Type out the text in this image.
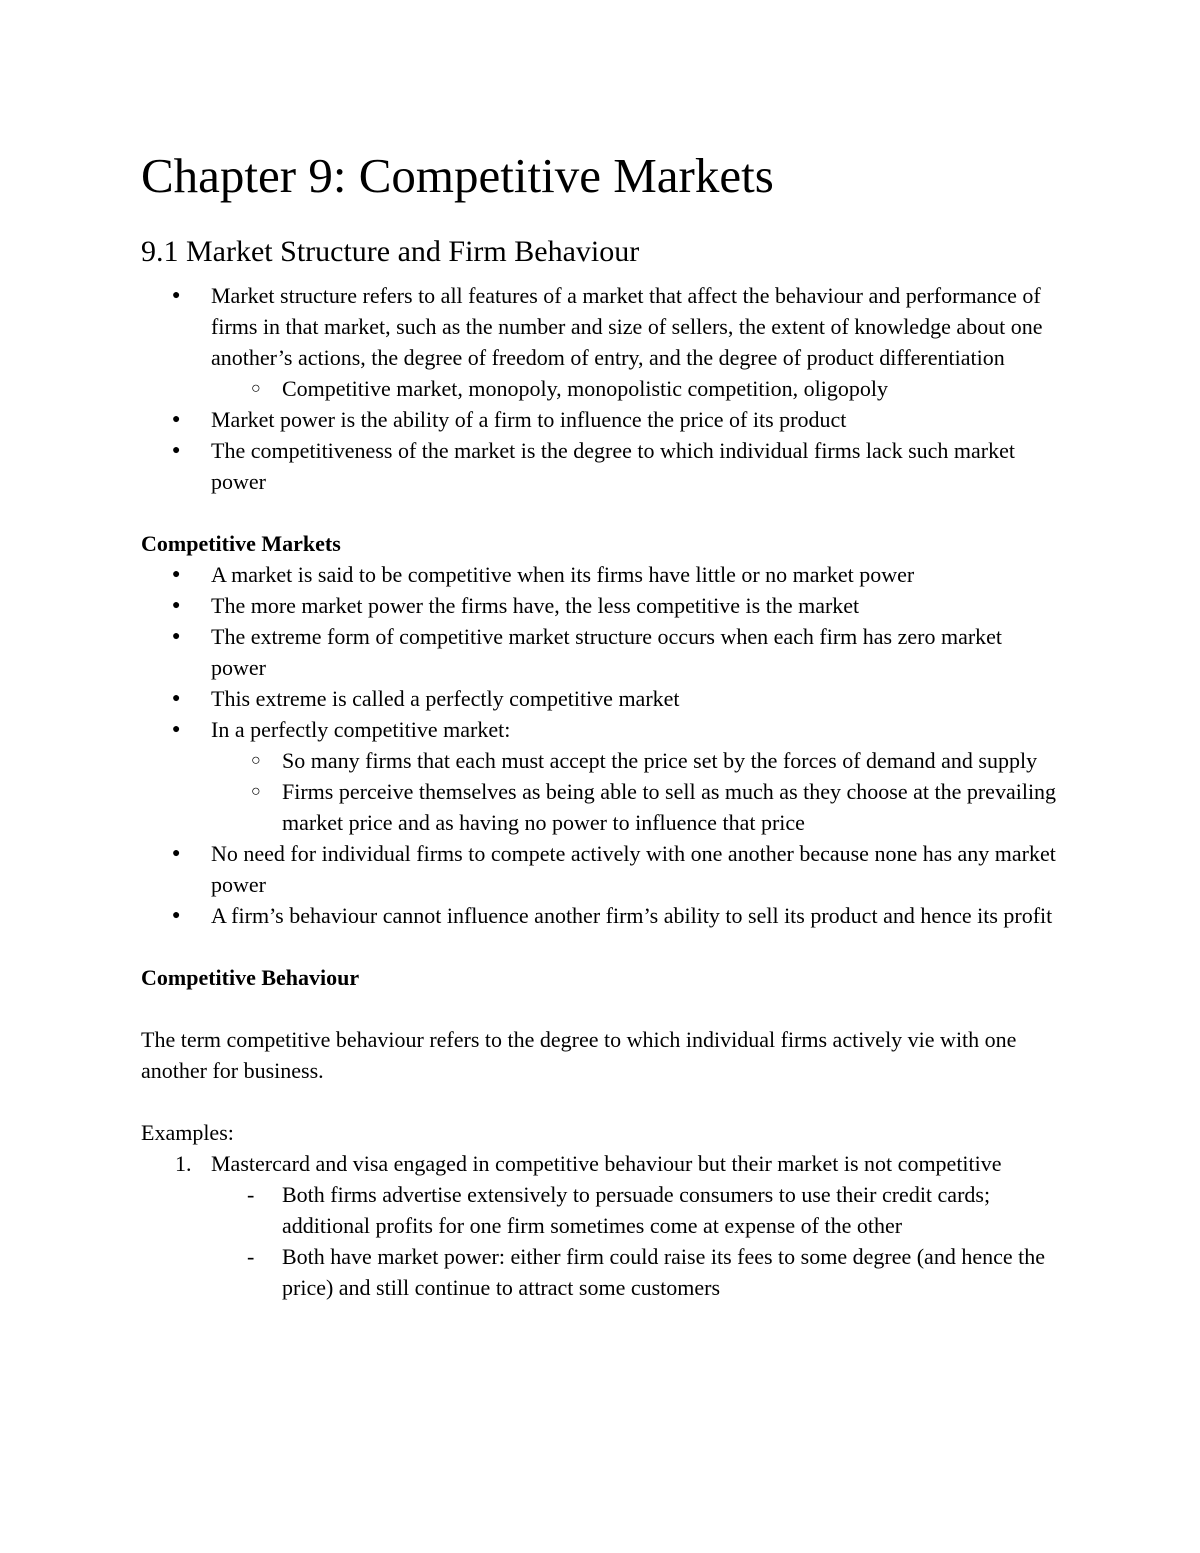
Chapter 9: Competitive Markets
9.1 Market Structure and Firm Behaviour
●	Market structure refers to all features of a market that affect the behaviour and performance of firms in that market, such as the number and size of sellers, the extent of knowledge about one another’s actions, the degree of freedom of entry, and the degree of product differentiation
○ Competitive market, monopoly, monopolistic competition, oligopoly
●	Market power is the ability of a firm to influence the price of its product
●	The competitiveness of the market is the degree to which individual firms lack such market power

Competitive Markets

●	A market is said to be competitive when its firms have little or no market power
●	The more market power the firms have, the less competitive is the market
●	The extreme form of competitive market structure occurs when each firm has zero market power
●	This extreme is called a perfectly competitive market
●	In a perfectly competitive market:
○ So many firms that each must accept the price set by the forces of demand and supply
○ Firms perceive themselves as being able to sell as much as they choose at the prevailing market price and as having no power to influence that price
●	No need for individual firms to compete actively with one another because none has any market power
●	A firm’s behaviour cannot influence another firm’s ability to sell its product and hence its profit

Competitive Behaviour

The term competitive behaviour refers to the degree to which individual firms actively vie with one another for business.

Examples:

1. Mastercard and visa engaged in competitive behaviour but their market is not competitive
- Both firms advertise extensively to persuade consumers to use their credit cards; additional profits for one firm sometimes come at expense of the other
- Both have market power: either firm could raise its fees to some degree (and hence the price) and still continue to attract some customers
